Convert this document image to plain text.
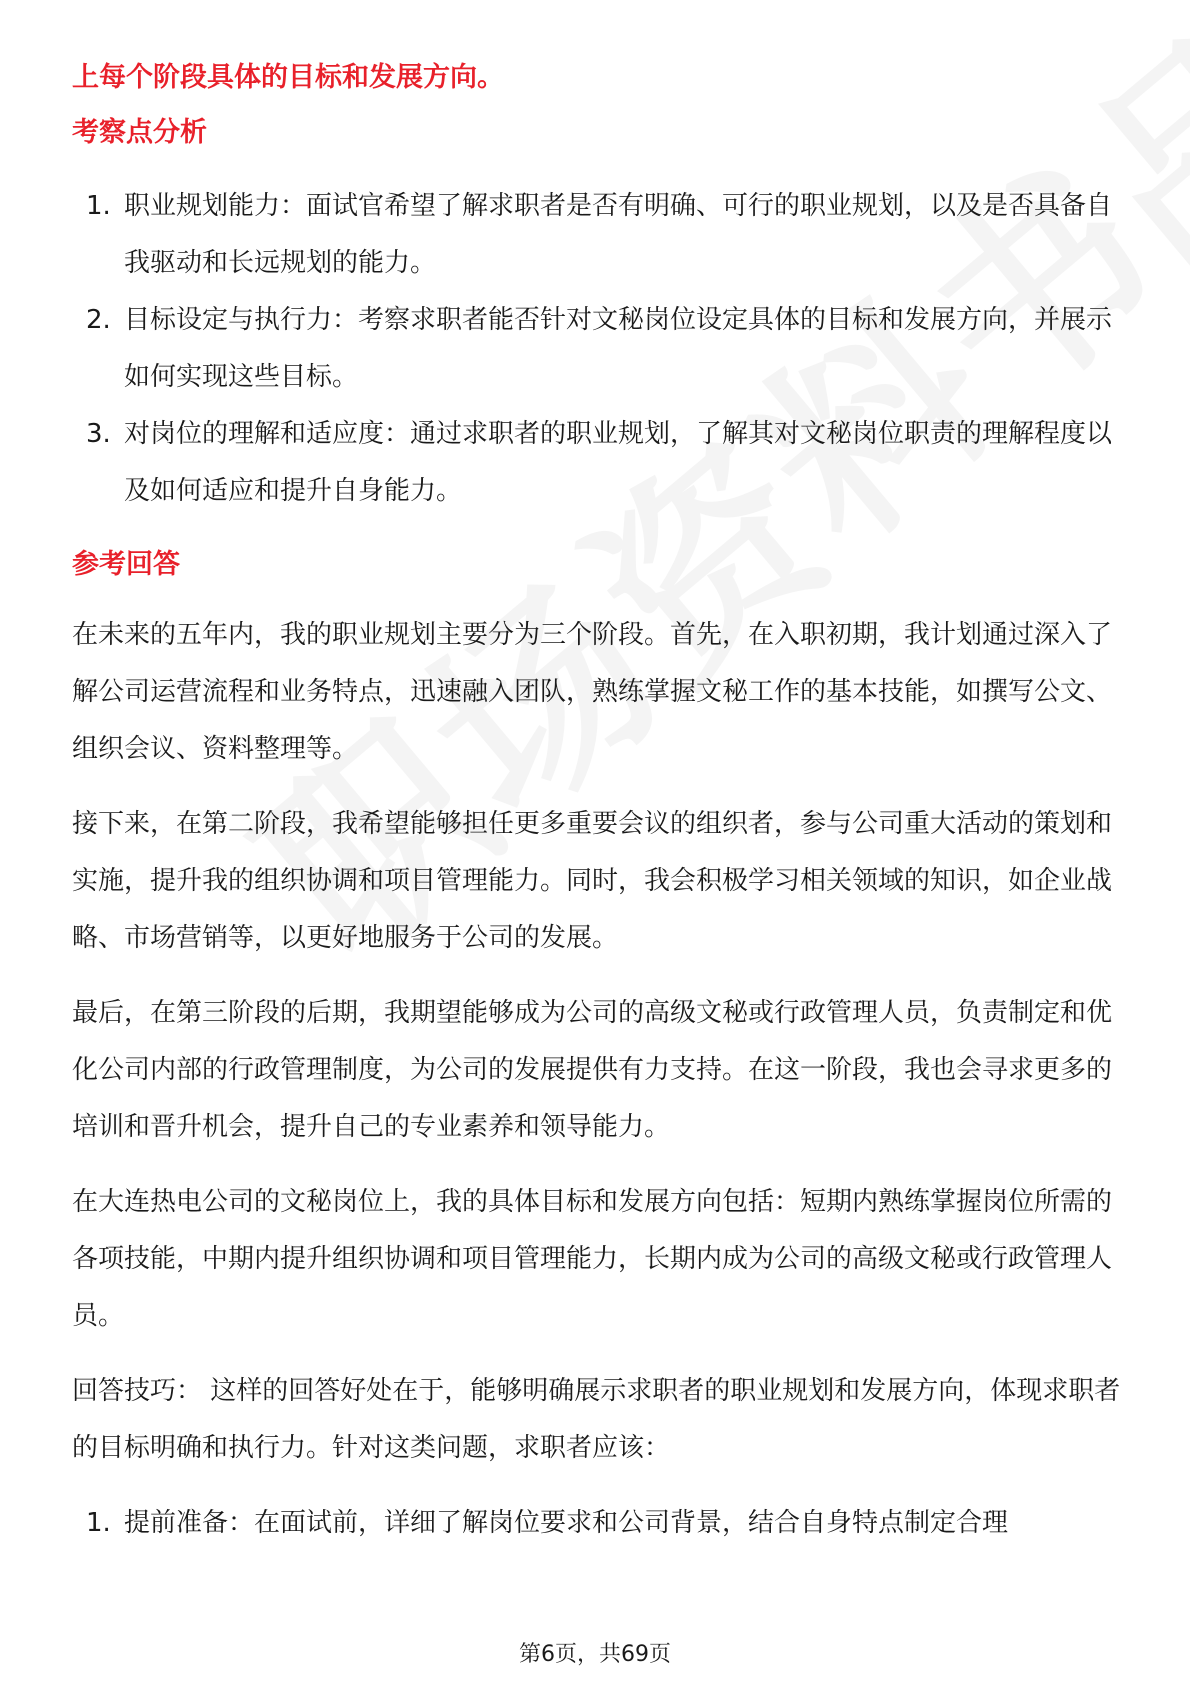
上每个阶段具体的目标和发展方向。

考察点分析

1. 职业规划能力：面试官希望了解求职者是否有明确、可行的职业规划，以及是否具备自我驱动和长远规划的能力。
2. 目标设定与执行力：考察求职者能否针对文秘岗位设定具体的目标和发展方向，并展示如何实现这些目标。
3. 对岗位的理解和适应度：通过求职者的职业规划，了解其对文秘岗位职责的理解程度以及如何适应和提升自身能力。

参考回答

在未来的五年内，我的职业规划主要分为三个阶段。首先，在入职初期，我计划通过深入了解公司运营流程和业务特点，迅速融入团队，熟练掌握文秘工作的基本技能，如撰写公文、组织会议、资料整理等。

接下来，在第二阶段，我希望能够担任更多重要会议的组织者，参与公司重大活动的策划和实施，提升我的组织协调和项目管理能力。同时，我会积极学习相关领域的知识，如企业战略、市场营销等，以更好地服务于公司的发展。

最后，在第三阶段的后期，我期望能够成为公司的高级文秘或行政管理人员，负责制定和优化公司内部的行政管理制度，为公司的发展提供有力支持。在这一阶段，我也会寻求更多的培训和晋升机会，提升自己的专业素养和领导能力。

在大连热电公司的文秘岗位上，我的具体目标和发展方向包括：短期内熟练掌握岗位所需的各项技能，中期内提升组织协调和项目管理能力，长期内成为公司的高级文秘或行政管理人员。

回答技巧： 这样的回答好处在于，能够明确展示求职者的职业规划和发展方向，体现求职者的目标明确和执行力。针对这类问题，求职者应该：

1. 提前准备：在面试前，详细了解岗位要求和公司背景，结合自身特点制定合理
第6页，共69页
